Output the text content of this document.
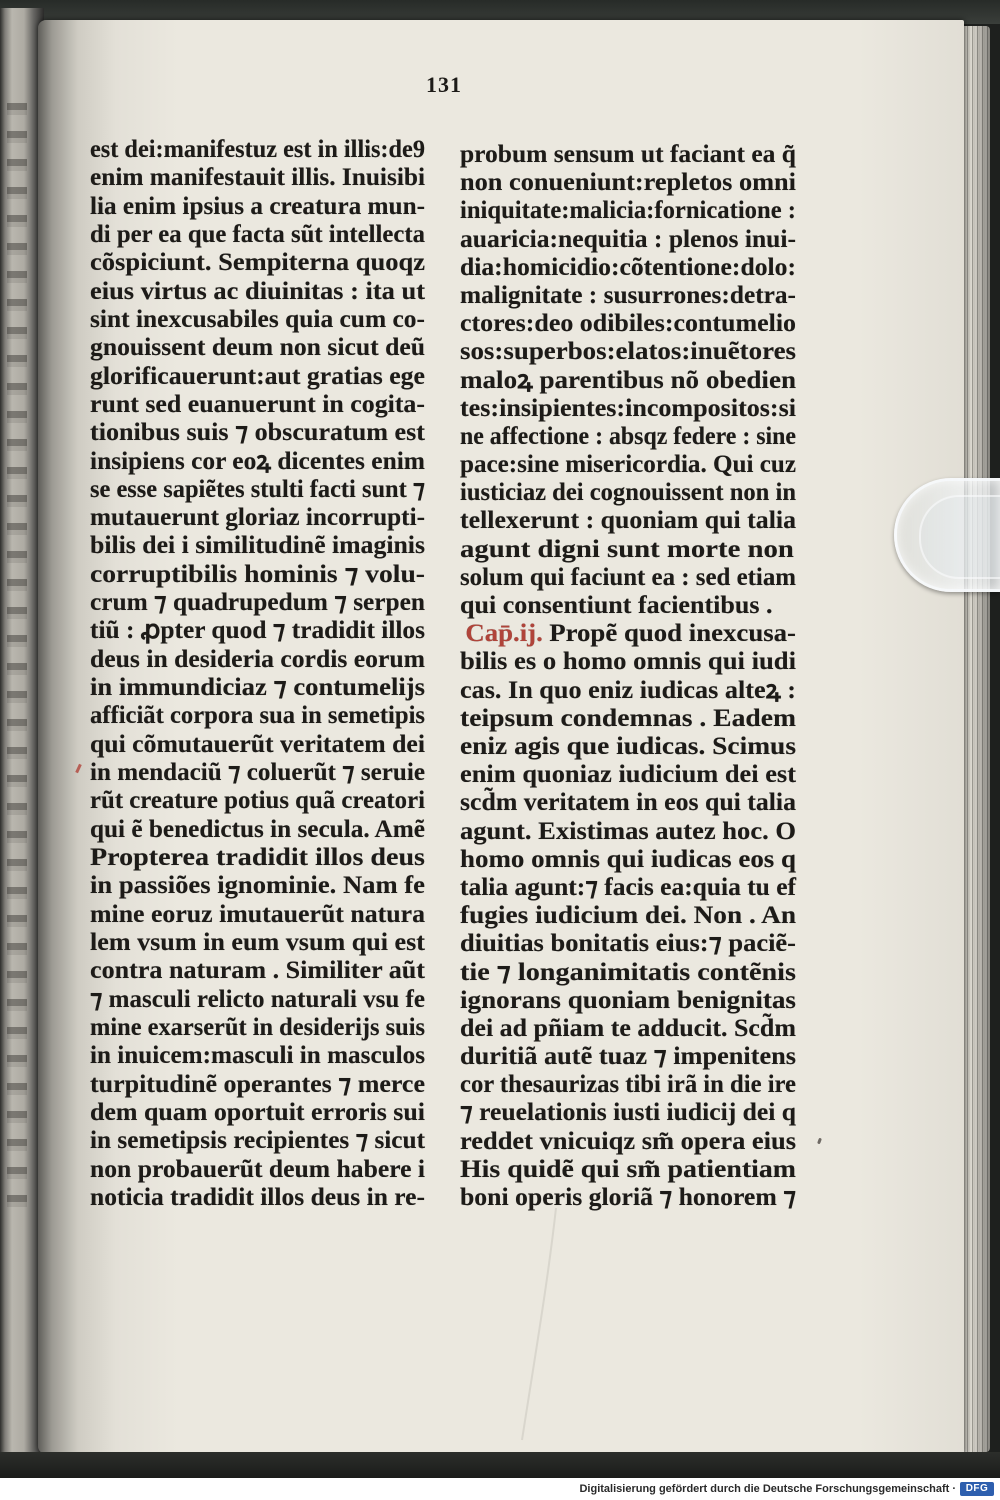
131
est dei:manifestuz est in illis:de9
enim manifestauit illis. Inuisibi
lia enim ipsius a creatura mun-
di per ea que facta sũt intellecta
cõspiciunt. Sempiterna quoqz
eius virtus ac diuinitas : ita ut
sint inexcusabiles quia cum co-
gnouissent deum non sicut deũ
glorificauerunt:aut gratias ege
runt sed euanuerunt in cogita-
tionibus suis ⁊ obscuratum est
insipiens cor eoꝝ dicentes enim
se esse sapiẽtes stulti facti sunt ⁊
mutauerunt gloriaz incorrupti-
bilis dei i similitudinẽ imaginis
corruptibilis hominis ⁊ volu-
crum ⁊ quadrupedum ⁊ serpen
tiũ : ꝓpter quod ⁊ tradidit illos
deus in desideria cordis eorum
in immundiciaz ⁊ contumelijs
afficiãt corpora sua in semetipis
qui cõmutauerũt veritatem dei
in mendaciũ ⁊ coluerũt ⁊ seruie
rũt creature potius quã creatori
qui ẽ benedictus in secula. Amẽ
Propterea tradidit illos deus
in passiões ignominie. Nam fe
mine eoruz imutauerũt natura
lem vsum in eum vsum qui est
contra naturam . Similiter aũt
⁊ masculi relicto naturali vsu fe
mine exarserũt in desiderijs suis
in inuicem:masculi in masculos
turpitudinẽ operantes ⁊ merce
dem quam oportuit erroris sui
in semetipsis recipientes ⁊ sicut
non probauerũt deum habere i
noticia tradidit illos deus in re-
probum sensum ut faciant ea q̃
non conueniunt:repletos omni
iniquitate:malicia:fornicatione :
auaricia:nequitia : plenos inui-
dia:homicidio:cõtentione:dolo:
malignitate : susurrones:detra-
ctores:deo odibiles:contumelio
sos:superbos:elatos:inuẽtores
maloꝝ parentibus nõ obedien
tes:insipientes:incompositos:si
ne affectione : absqz federe : sine
pace:sine misericordia. Qui cuz
iusticiaz dei cognouissent non in
tellexerunt : quoniam qui talia
agunt digni sunt morte non
solum qui faciunt ea : sed etiam
qui consentiunt facientibus .
Cap̄.ij. Propẽ quod inexcusa-
bilis es o homo omnis qui iudi
cas. In quo eniz iudicas alteꝝ :
teipsum condemnas . Eadem
eniz agis que iudicas. Scimus
enim quoniaz iudicium dei est
scd̃m veritatem in eos qui talia
agunt. Existimas autez hoc. O
homo omnis qui iudicas eos q
talia agunt:⁊ facis ea:quia tu ef
fugies iudicium dei. Non . An
diuitias bonitatis eius:⁊ paciẽ-
tie ⁊ longanimitatis contẽnis
ignorans quoniam benignitas
dei ad pñiam te adducit. Scd̃m
duritiã autẽ tuaz ⁊ impenitens
cor thesaurizas tibi irã in die ire
⁊ reuelationis iusti iudicij dei q
reddet vnicuiqz sm̃ opera eius
His quidẽ qui sm̃ patientiam
boni operis gloriã ⁊ honorem ⁊
Digitalisierung gefördert durch die Deutsche Forschungsgemeinschaft · DFG
